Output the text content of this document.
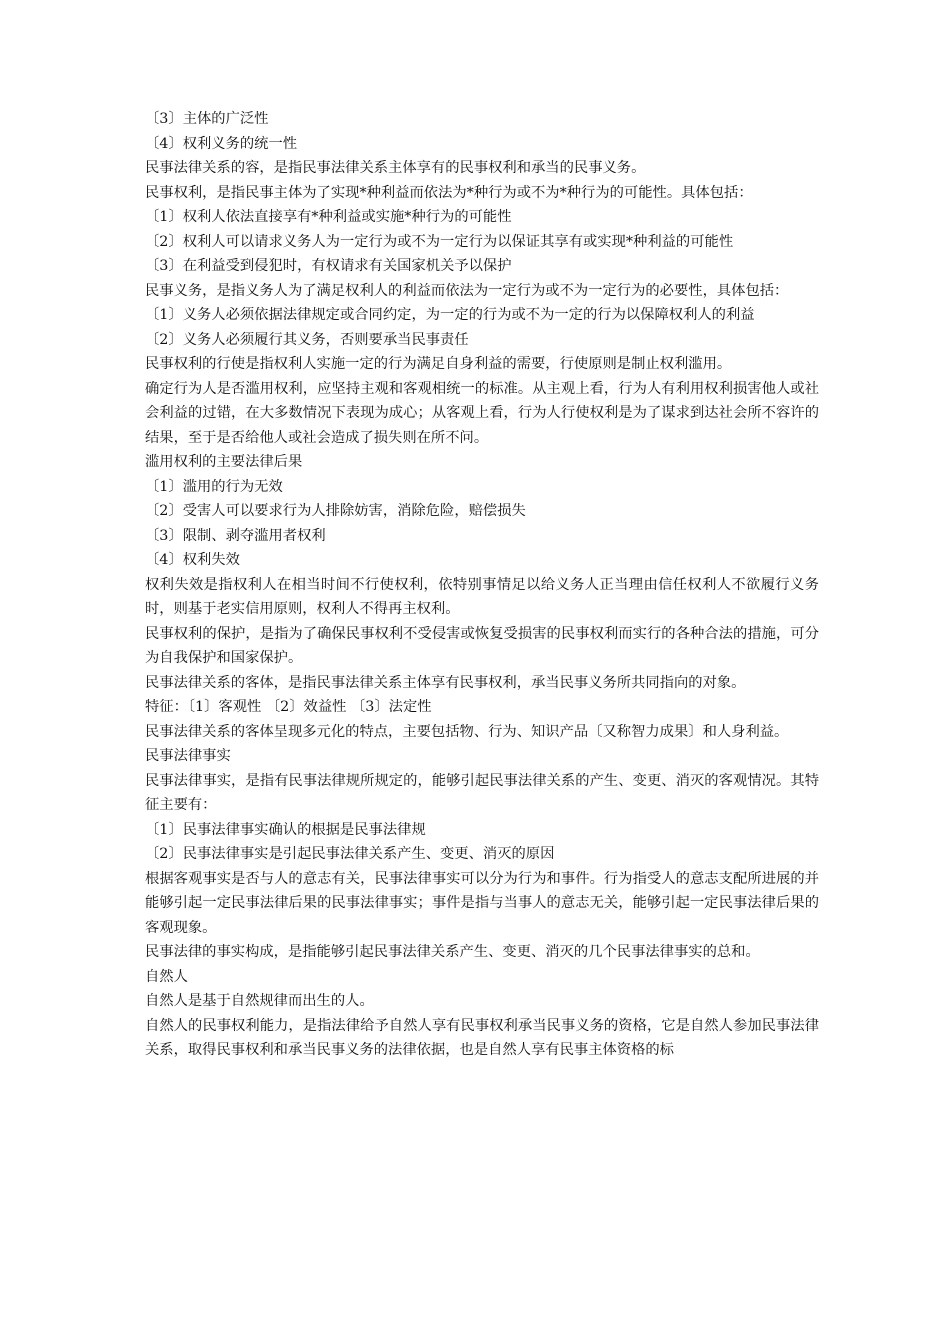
〔3〕主体的广泛性

〔4〕权利义务的统一性

民事法律关系的容，是指民事法律关系主体享有的民事权利和承当的民事义务。

民事权利，是指民事主体为了实现*种利益而依法为*种行为或不为*种行为的可能性。具体包括：

〔1〕权利人依法直接享有*种利益或实施*种行为的可能性

〔2〕权利人可以请求义务人为一定行为或不为一定行为以保证其享有或实现*种利益的可能性

〔3〕在利益受到侵犯时，有权请求有关国家机关予以保护

民事义务，是指义务人为了满足权利人的利益而依法为一定行为或不为一定行为的必要性，具体包括：

〔1〕义务人必须依据法律规定或合同约定，为一定的行为或不为一定的行为以保障权利人的利益

〔2〕义务人必须履行其义务，否则要承当民事责任

民事权利的行使是指权利人实施一定的行为满足自身利益的需要，行使原则是制止权利滥用。

确定行为人是否滥用权利，应坚持主观和客观相统一的标准。从主观上看，行为人有利用权利损害他人或社会利益的过错，在大多数情况下表现为成心；从客观上看，行为人行使权利是为了谋求到达社会所不容许的结果，至于是否给他人或社会造成了损失则在所不问。

滥用权利的主要法律后果

〔1〕滥用的行为无效

〔2〕受害人可以要求行为人排除妨害，消除危险，赔偿损失

〔3〕限制、剥夺滥用者权利

〔4〕权利失效

权利失效是指权利人在相当时间不行使权利，依特别事情足以给义务人正当理由信任权利人不欲履行义务时，则基于老实信用原则，权利人不得再主权利。

民事权利的保护，是指为了确保民事权利不受侵害或恢复受损害的民事权利而实行的各种合法的措施，可分为自我保护和国家保护。

民事法律关系的客体，是指民事法律关系主体享有民事权利，承当民事义务所共同指向的对象。

特征：〔1〕客观性 〔2〕效益性 〔3〕法定性

民事法律关系的客体呈现多元化的特点，主要包括物、行为、知识产品〔又称智力成果〕和人身利益。

民事法律事实

民事法律事实，是指有民事法律规所规定的，能够引起民事法律关系的产生、变更、消灭的客观情况。其特征主要有：

〔1〕民事法律事实确认的根据是民事法律规

〔2〕民事法律事实是引起民事法律关系产生、变更、消灭的原因

根据客观事实是否与人的意志有关，民事法律事实可以分为行为和事件。行为指受人的意志支配所进展的并能够引起一定民事法律后果的民事法律事实；事件是指与当事人的意志无关，能够引起一定民事法律后果的客观现象。

民事法律的事实构成，是指能够引起民事法律关系产生、变更、消灭的几个民事法律事实的总和。

自然人

自然人是基于自然规律而出生的人。

自然人的民事权利能力，是指法律给予自然人享有民事权利承当民事义务的资格，它是自然人参加民事法律关系，取得民事权利和承当民事义务的法律依据，也是自然人享有民事主体资格的标
